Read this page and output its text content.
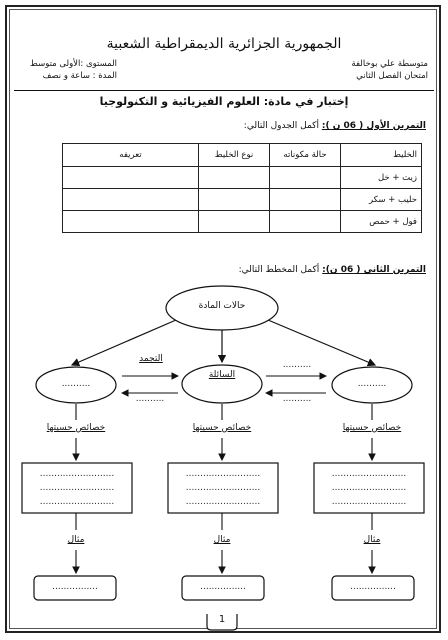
الجمهورية الجزائرية الديمقراطية الشعبية
متوسطة علي بوخالفة
امتحان الفصل الثاني
المستوى :الأولى متوسط
المدة : ساعة و نصف
إختبار في مادة: العلوم الفيزيائية و التكنولوجيا
التمرين الأول ( 06 ن ): أكمل الجدول التالي:
الخليط	حالة مكوناته	نوع الخليط	تعريفه
زيت + خل			
حليب + سكر			
فول + حمص			
التمرين الثاني ( 06 ن): أكمل المخطط التالي:
حالات المادة
..........
السائلة
..........
التجمد
..........
..........
..........
خصائص حسيتها	خصائص حسيتها	خصائص حسيتها
..........................
..........................
..........................
..........................
..........................
..........................
..........................
..........................
..........................
مثال	مثال	مثال
................	................	................
1
